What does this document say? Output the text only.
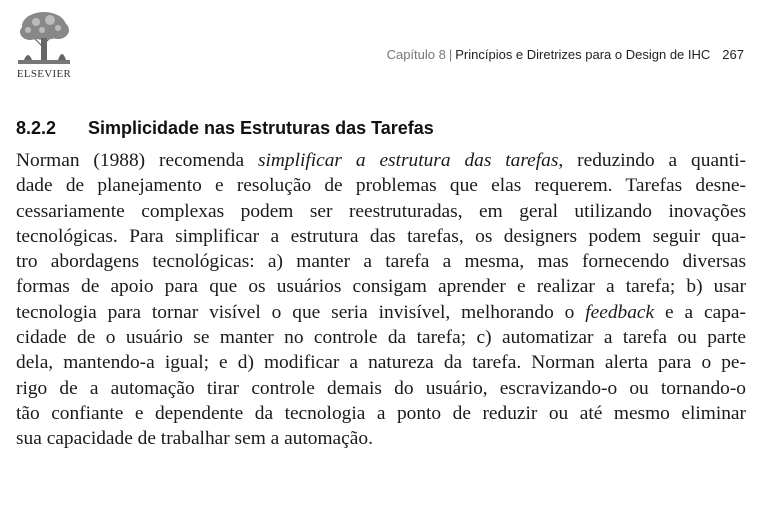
ELSEVIER
Capítulo 8 | Princípios e Diretrizes para o Design de IHC 267
8.2.2 Simplicidade nas Estruturas das Tarefas
Norman (1988) recomenda simplificar a estrutura das tarefas, reduzindo a quanti-
dade de planejamento e resolução de problemas que elas requerem. Tarefas desne-
cessariamente complexas podem ser reestruturadas, em geral utilizando inovações
tecnológicas. Para simplificar a estrutura das tarefas, os designers podem seguir qua-
tro abordagens tecnológicas: a) manter a tarefa a mesma, mas fornecendo diversas
formas de apoio para que os usuários consigam aprender e realizar a tarefa; b) usar
tecnologia para tornar visível o que seria invisível, melhorando o feedback e a capa-
cidade de o usuário se manter no controle da tarefa; c) automatizar a tarefa ou parte
dela, mantendo-a igual; e d) modificar a natureza da tarefa. Norman alerta para o pe-
rigo de a automação tirar controle demais do usuário, escravizando-o ou tornando-o
tão confiante e dependente da tecnologia a ponto de reduzir ou até mesmo eliminar
sua capacidade de trabalhar sem a automação.
